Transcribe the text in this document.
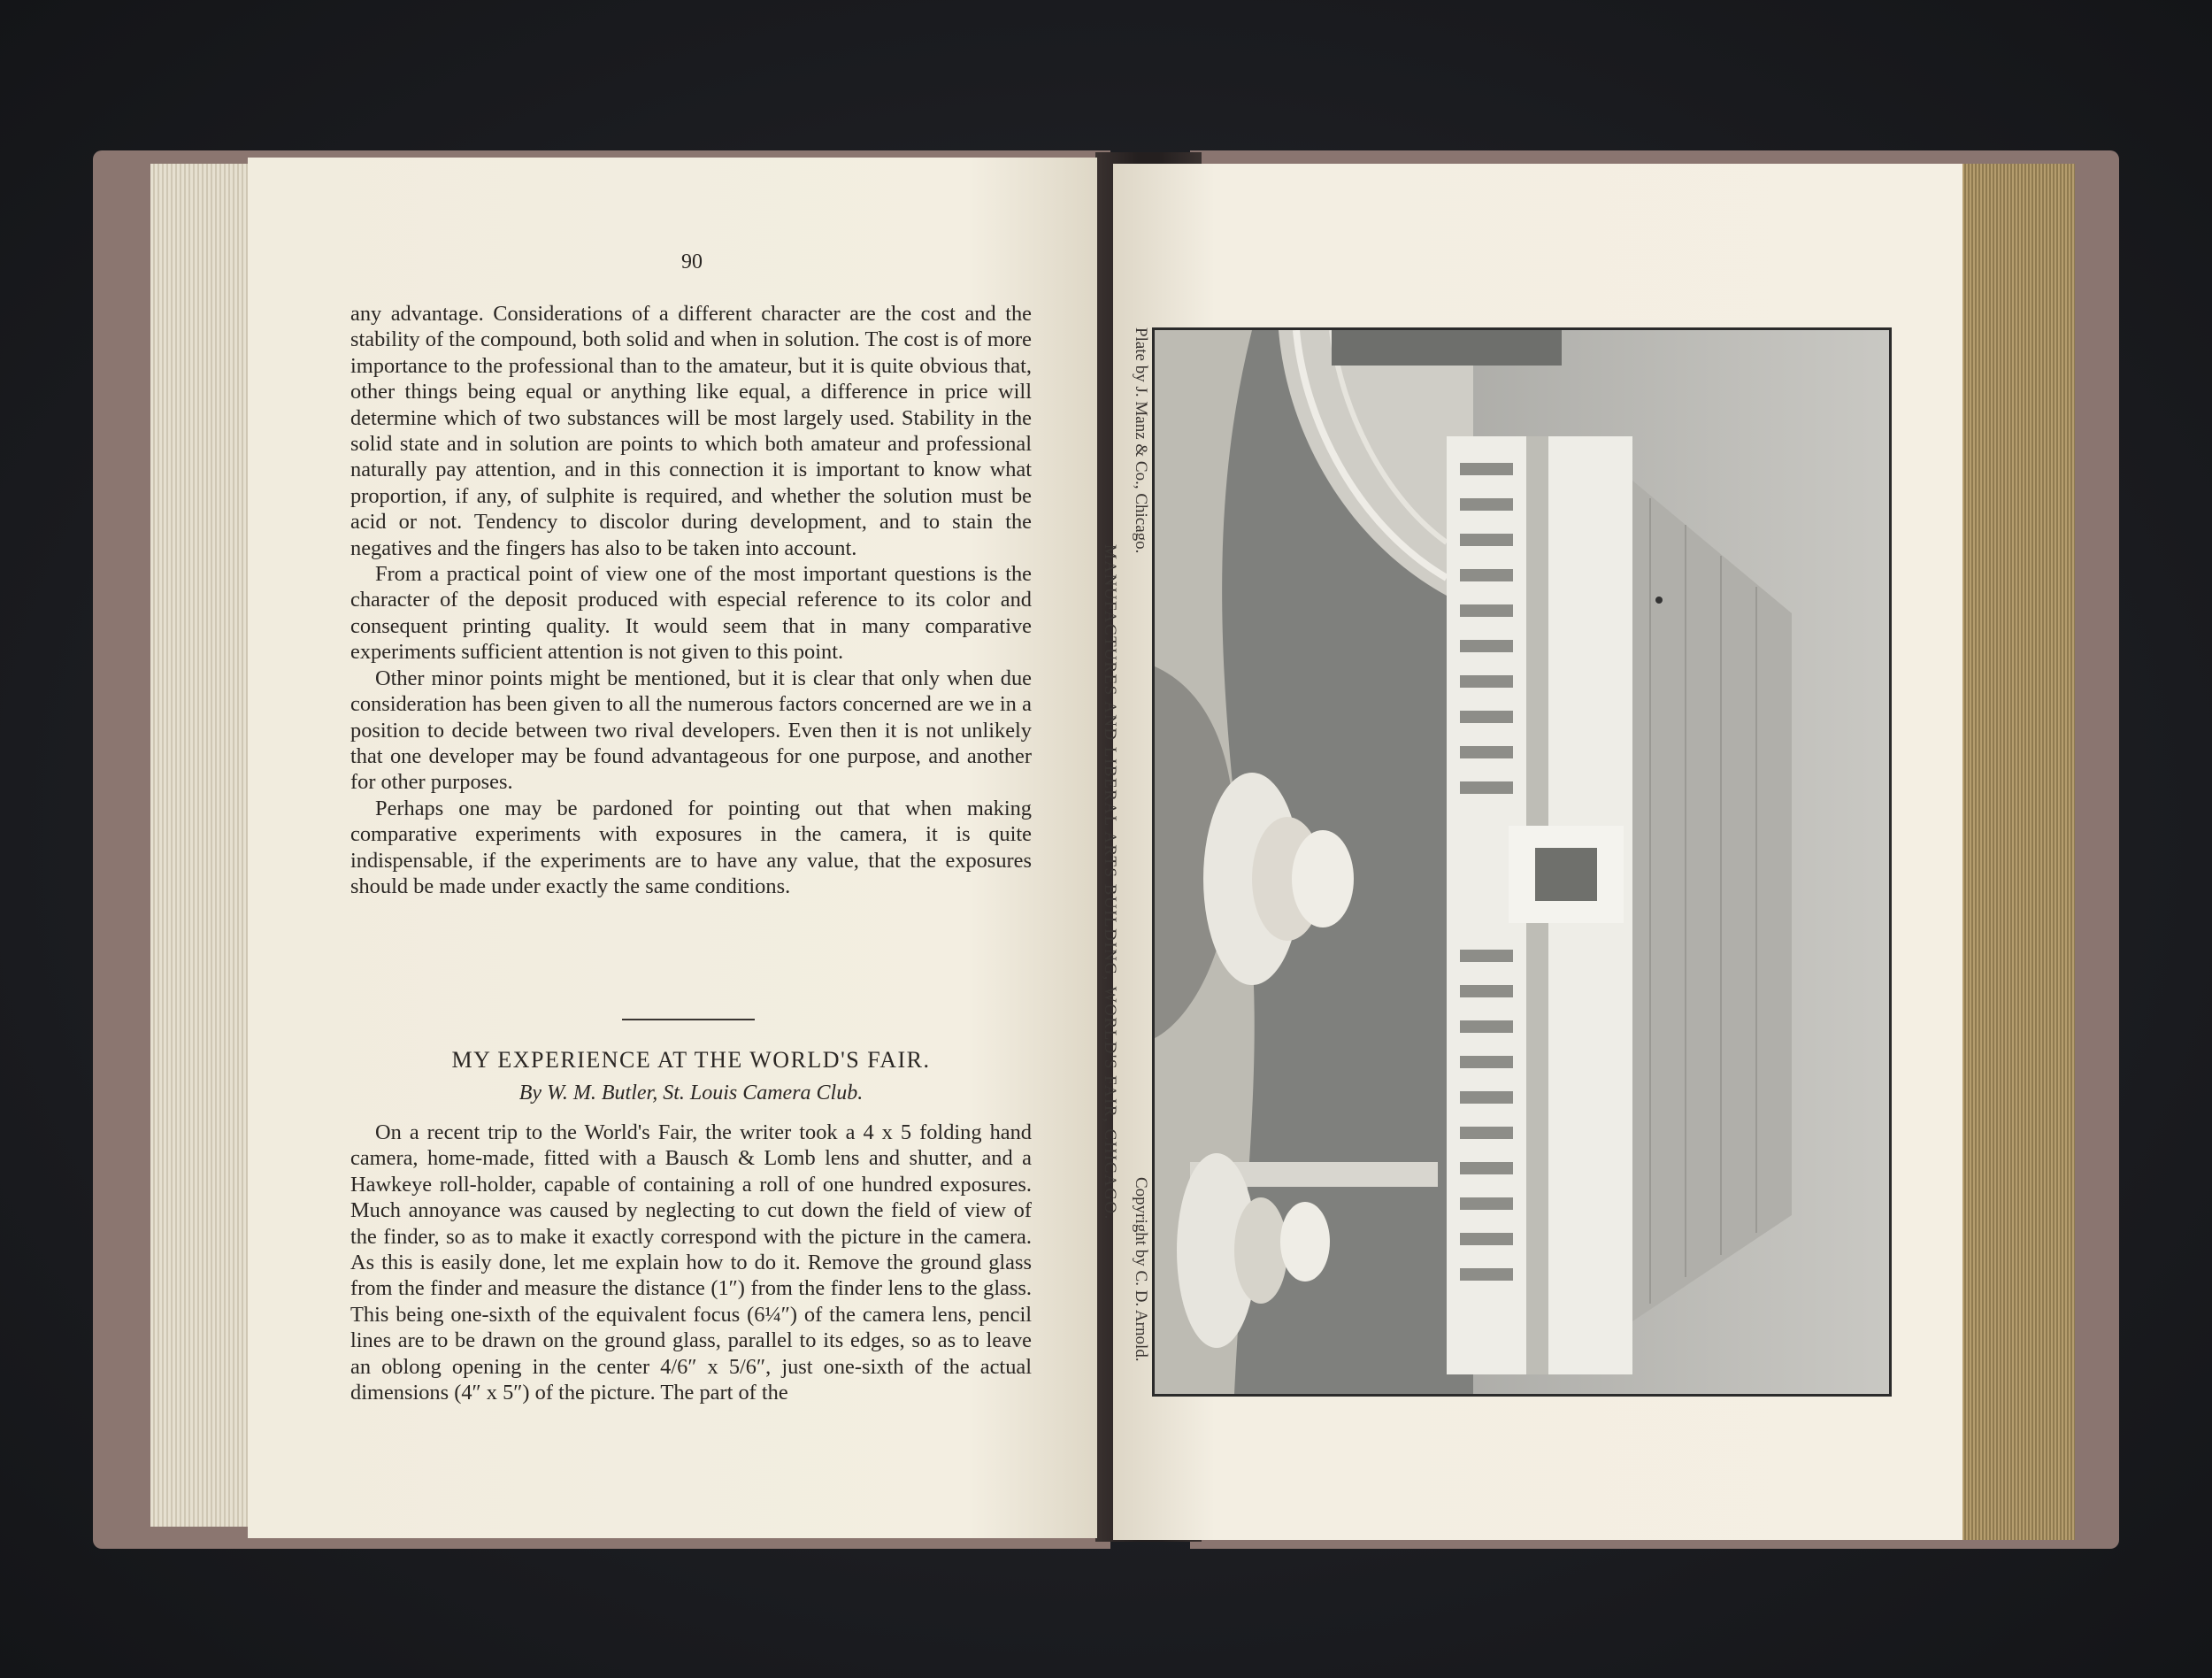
90

any advantage. Considerations of a different character are the cost and the stability of the compound, both solid and when in solution. The cost is of more importance to the professional than to the amateur, but it is quite obvious that, other things being equal or anything like equal, a difference in price will determine which of two substances will be most largely used. Stability in the solid state and in solution are points to which both amateur and professional naturally pay attention, and in this connection it is important to know what proportion, if any, of sulphite is required, and whether the solution must be acid or not. Tendency to discolor during development, and to stain the negatives and the fingers has also to be taken into account.

From a practical point of view one of the most important questions is the character of the deposit produced with especial reference to its color and consequent printing quality. It would seem that in many comparative experiments sufficient attention is not given to this point.

Other minor points might be mentioned, but it is clear that only when due consideration has been given to all the numerous factors concerned are we in a position to decide between two rival developers. Even then it is not unlikely that one developer may be found advantageous for one purpose, and another for other purposes.

Perhaps one may be pardoned for pointing out that when making comparative experiments with exposures in the camera, it is quite indispensable, if the experiments are to have any value, that the exposures should be made under exactly the same conditions.

MY EXPERIENCE AT THE WORLD'S FAIR.
By W. M. Butler, St. Louis Camera Club.

On a recent trip to the World's Fair, the writer took a 4 x 5 folding hand camera, home-made, fitted with a Bausch & Lomb lens and shutter, and a Hawkeye roll-holder, capable of containing a roll of one hundred exposures. Much annoyance was caused by neglecting to cut down the field of view of the finder, so as to make it exactly correspond with the picture in the camera. As this is easily done, let me explain how to do it. Remove the ground glass from the finder and measure the distance (1″) from the finder lens to the glass. This being one-sixth of the equivalent focus (6¼″) of the camera lens, pencil lines are to be drawn on the ground glass, parallel to its edges, so as to leave an oblong opening in the center 4/6″ x 5/6″, just one-sixth of the actual dimensions (4″ x 5″) of the picture. The part of the

Plate by J. Manz & Co., Chicago.
MANUFACTURES AND LIBERAL ARTS BUILDING, WORLD'S FAIR, CHICAGO.
Copyright by C. D. Arnold.
